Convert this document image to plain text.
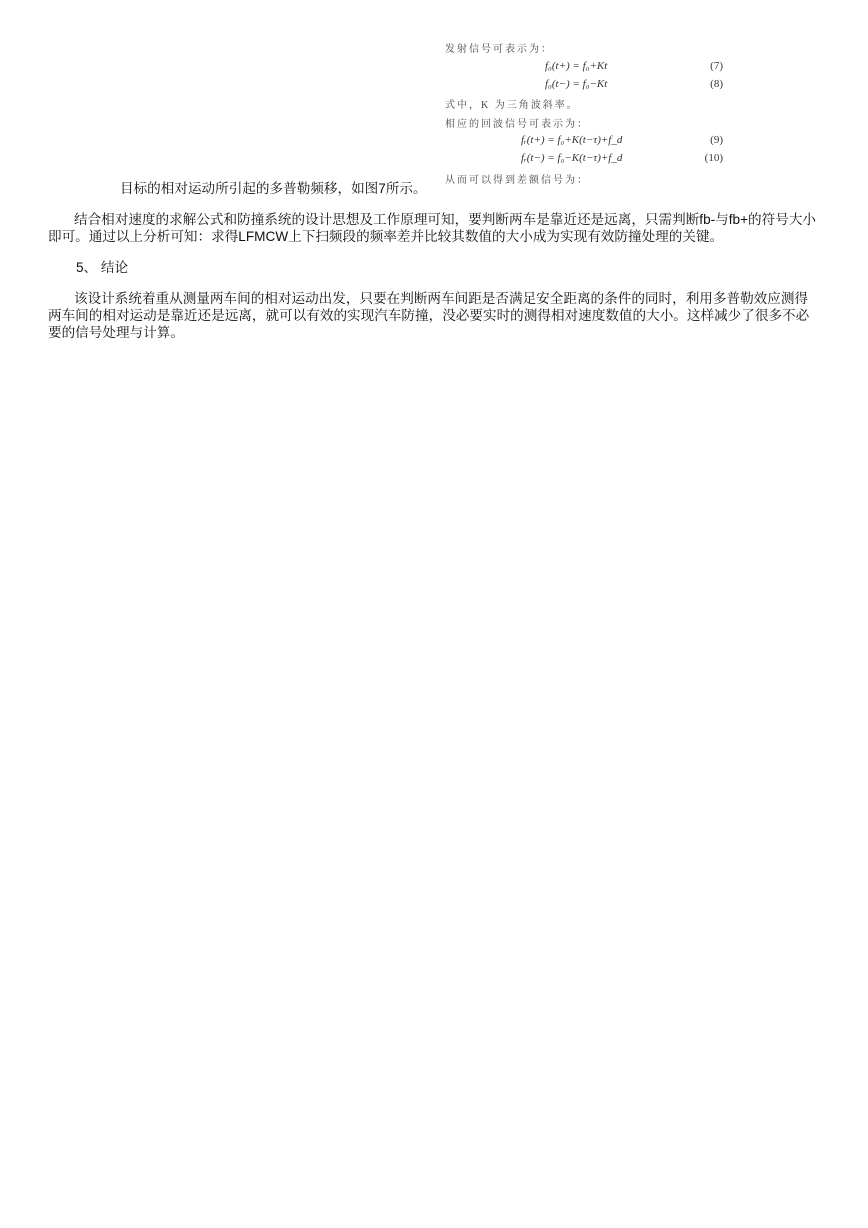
发射信号可表示为：
f₀(t+) = f₀+Kt	(7)
f₀(t−) = f₀−Kt	(8)
式中，K 为三角波斜率。
相应的回波信号可表示为：
fᵣ(t+) = f₀+K(t−τ)+f_d	(9)
fᵣ(t−) = f₀−K(t−τ)+f_d	(10)
从而可以得到差额信号为：

目标的相对运动所引起的多普勒频移，如图7所示。

结合相对速度的求解公式和防撞系统的设计思想及工作原理可知，要判断两车是靠近还是远离，只需判断fb-与fb+的符号大小即可。通过以上分析可知：求得LFMCW上下扫频段的频率差并比较其数值的大小成为实现有效防撞处理的关键。

5、 结论

该设计系统着重从测量两车间的相对运动出发，只要在判断两车间距是否满足安全距离的条件的同时，利用多普勒效应测得两车间的相对运动是靠近还是远离，就可以有效的实现汽车防撞，没必要实时的测得相对速度数值的大小。这样减少了很多不必要的信号处理与计算。
